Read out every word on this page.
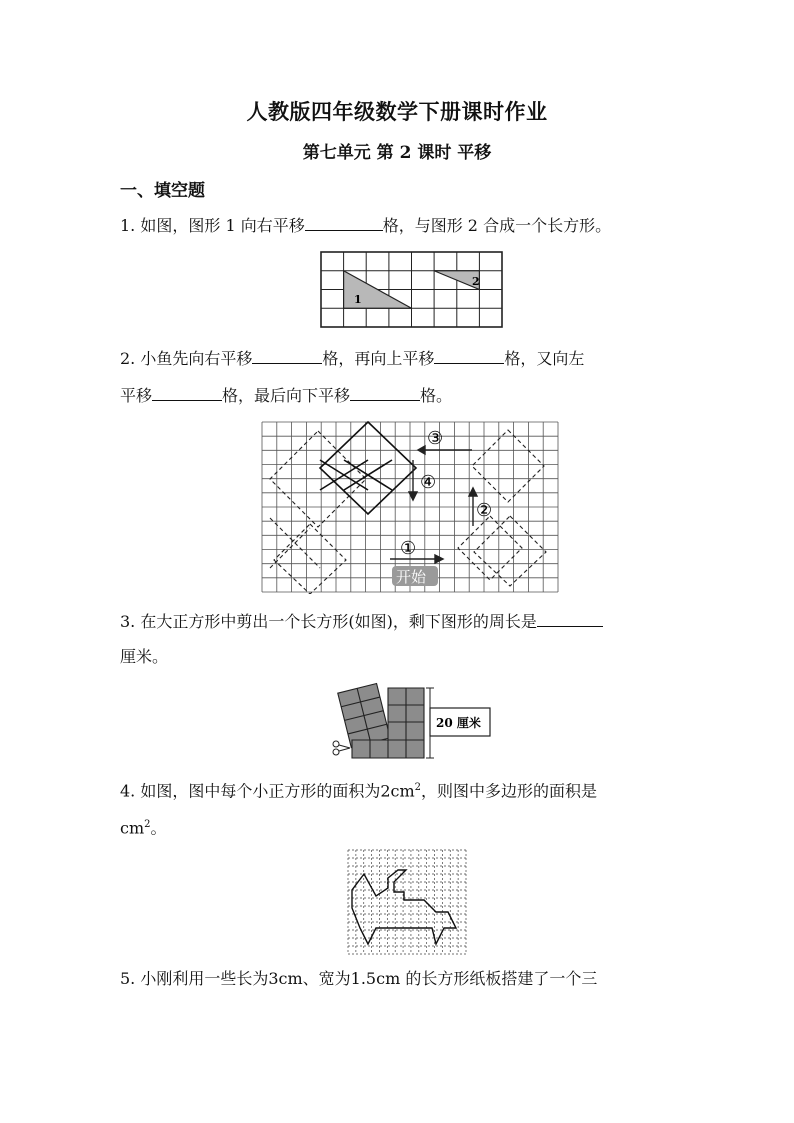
人教版四年级数学下册课时作业
第七单元 第 2 课时 平移
一、填空题
1. 如图，图形 1 向右平移	格，与图形 2 合成一个长方形。
1
2
2. 小鱼先向右平移	格，再向上平移	格，又向左
平移	格，最后向下平移	格。
③
④
②
①
开始
3. 在大正方形中剪出一个长方形(如图)，剩下图形的周长是
厘米。
20 厘米
4. 如图，图中每个小正方形的面积为$2cm^2$，则图中多边形的面积是
$cm^2$。
5. 小刚利用一些长为3cm、宽为1.5cm 的长方形纸板搭建了一个三
